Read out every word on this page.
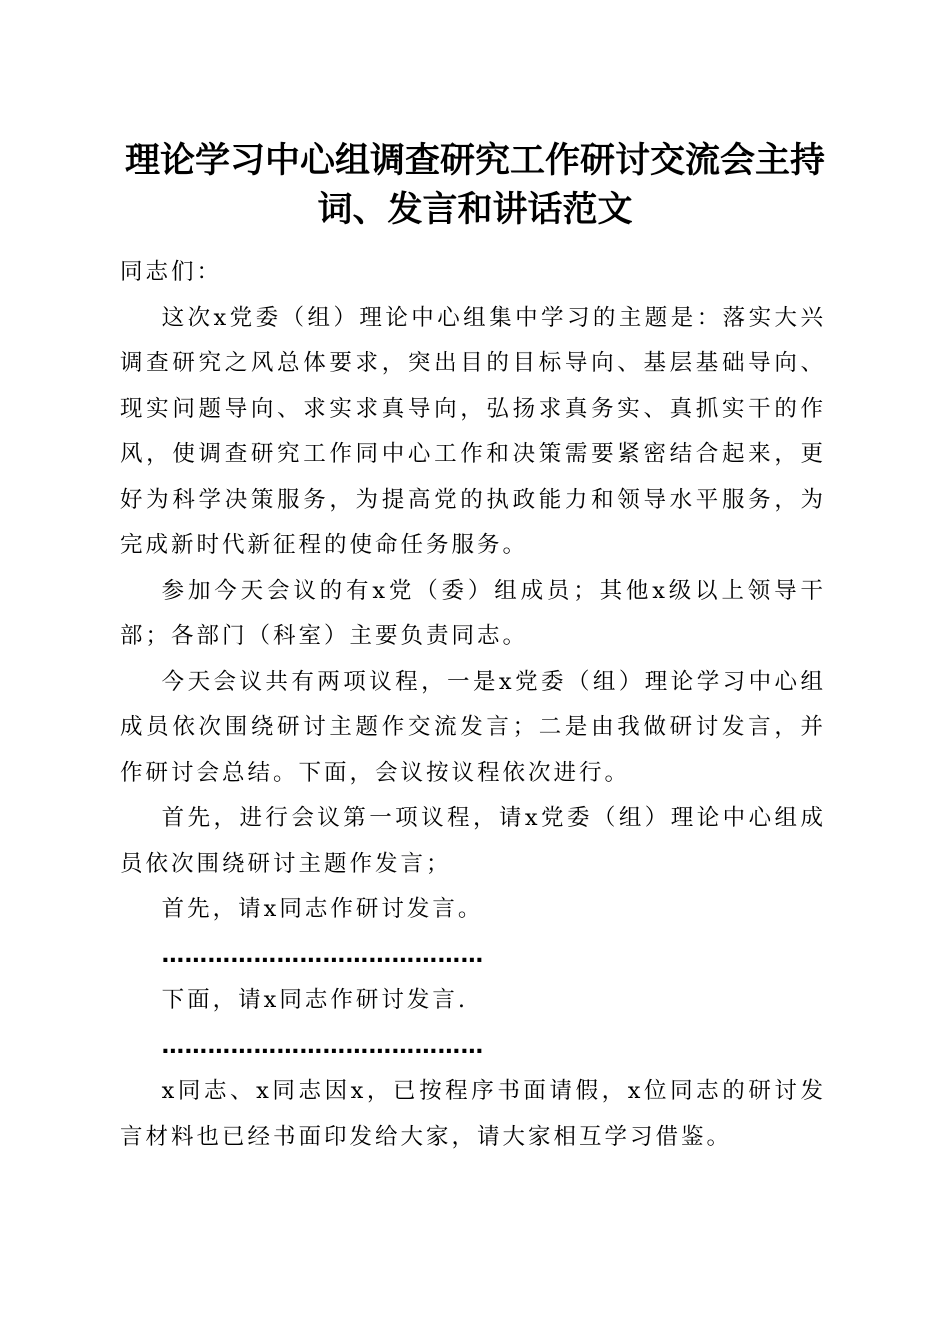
理论学习中心组调查研究工作研讨交流会主持
词、发言和讲话范文

同志们：

这次x党委（组）理论中心组集中学习的主题是：落实大兴调查研究之风总体要求，突出目的目标导向、基层基础导向、现实问题导向、求实求真导向，弘扬求真务实、真抓实干的作风，使调查研究工作同中心工作和决策需要紧密结合起来，更好为科学决策服务，为提高党的执政能力和领导水平服务，为完成新时代新征程的使命任务服务。

参加今天会议的有x党（委）组成员；其他x级以上领导干部；各部门（科室）主要负责同志。

今天会议共有两项议程，一是x党委（组）理论学习中心组成员依次围绕研讨主题作交流发言；二是由我做研讨发言，并作研讨会总结。下面，会议按议程依次进行。

首先，进行会议第一项议程，请x党委（组）理论中心组成员依次围绕研讨主题作发言；

首先，请x同志作研讨发言。

……………………………………

下面，请x同志作研讨发言.

……………………………………

x同志、x同志因x，已按程序书面请假，x位同志的研讨发言材料也已经书面印发给大家，请大家相互学习借鉴。
